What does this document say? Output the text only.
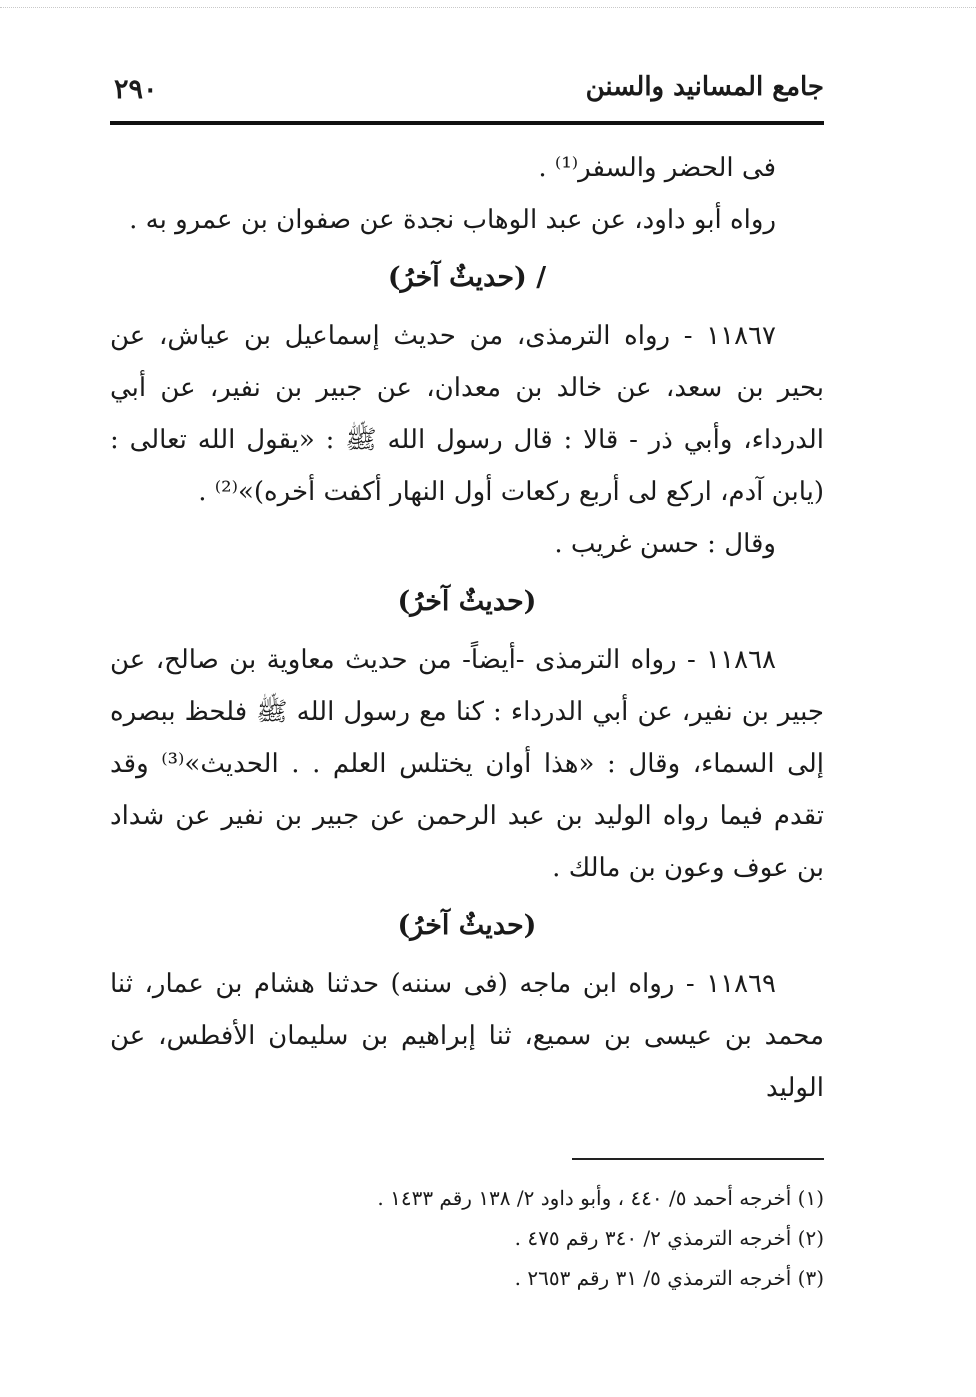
جامع المسانيد والسنن
٢٩٠

فى الحضر والسفر⁽¹⁾ .

رواه أبو داود، عن عبد الوهاب نجدة عن صفوان بن عمرو به .

/ (حديثٌ آخرُ)

١١٨٦٧ - رواه الترمذى، من حديث إسماعيل بن عياش، عن بحير بن سعد، عن خالد بن معدان، عن جبير بن نفير، عن أبي الدرداء، وأبي ذر - قالا : قال رسول الله ﷺ : «يقول الله تعالى : (يابن آدم، اركع لى أربع ركعات أول النهار أكفت أخره)»⁽²⁾ .

وقال : حسن غريب .

(حديثٌ آخرُ)

١١٨٦٨ - رواه الترمذى -أيضاً- من حديث معاوية بن صالح، عن جبير بن نفير، عن أبي الدرداء : كنا مع رسول الله ﷺ فلحظ ببصره إلى السماء، وقال : «هذا أوان يختلس العلم . . الحديث»⁽³⁾ وقد تقدم فيما رواه الوليد بن عبد الرحمن عن جبير بن نفير عن شداد بن عوف وعون بن مالك .

(حديثٌ آخرُ)

١١٨٦٩ - رواه ابن ماجه (فى سننه) حدثنا هشام بن عمار، ثنا محمد بن عيسى بن سميع، ثنا إبراهيم بن سليمان الأفطس، عن الوليد

(١) أخرجه أحمد ٥/ ٤٤٠ ، وأبو داود ٢/ ١٣٨ رقم ١٤٣٣ .

(٢) أخرجه الترمذي ٢/ ٣٤٠ رقم ٤٧٥ .

(٣) أخرجه الترمذي ٥/ ٣١ رقم ٢٦٥٣ .
